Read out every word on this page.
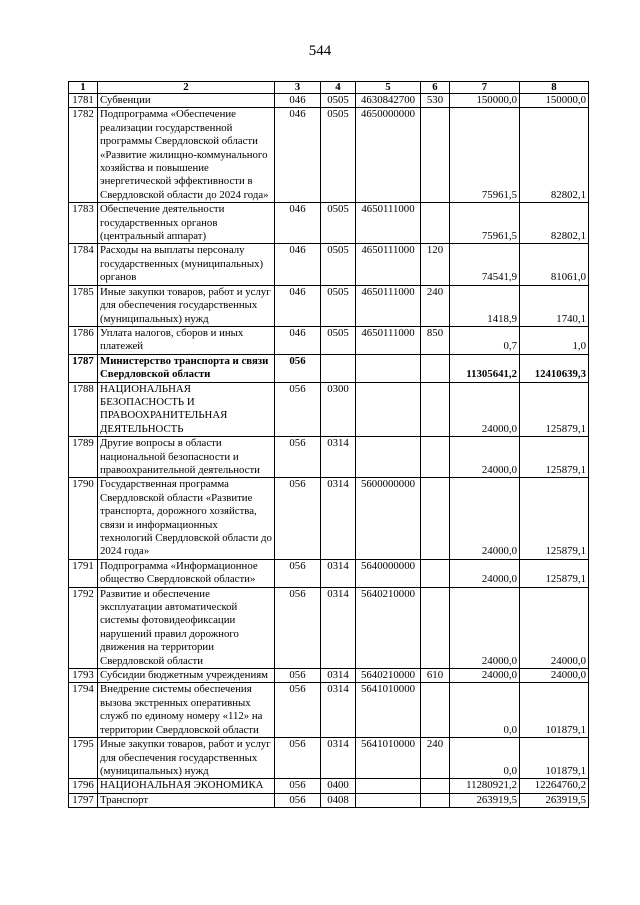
544
1	2	3	4	5	6	7	8
1781	Субвенции	046	0505	4630842700	530	150000,0	150000,0
1782	Подпрограмма «Обеспечение реализации государственной программы Свердловской области «Развитие жилищно-коммунального хозяйства и повышение энергетической эффективности в Свердловской области до 2024 года»	046	0505	4650000000		75961,5	82802,1
1783	Обеспечение деятельности государственных органов (центральный аппарат)	046	0505	4650111000		75961,5	82802,1
1784	Расходы на выплаты персоналу государственных (муниципальных) органов	046	0505	4650111000	120	74541,9	81061,0
1785	Иные закупки товаров, работ и услуг для обеспечения государственных (муниципальных) нужд	046	0505	4650111000	240	1418,9	1740,1
1786	Уплата налогов, сборов и иных платежей	046	0505	4650111000	850	0,7	1,0
1787	Министерство транспорта и связи Свердловской области	056				11305641,2	12410639,3
1788	НАЦИОНАЛЬНАЯ БЕЗОПАСНОСТЬ И ПРАВООХРАНИТЕЛЬНАЯ ДЕЯТЕЛЬНОСТЬ	056	0300			24000,0	125879,1
1789	Другие вопросы в области национальной безопасности и правоохранительной деятельности	056	0314			24000,0	125879,1
1790	Государственная программа Свердловской области «Развитие транспорта, дорожного хозяйства, связи и информационных технологий Свердловской области до 2024 года»	056	0314	5600000000		24000,0	125879,1
1791	Подпрограмма «Информационное общество Свердловской области»	056	0314	5640000000		24000,0	125879,1
1792	Развитие и обеспечение эксплуатации автоматической системы фотовидеофиксации нарушений правил дорожного движения на территории Свердловской области	056	0314	5640210000		24000,0	24000,0
1793	Субсидии бюджетным учреждениям	056	0314	5640210000	610	24000,0	24000,0
1794	Внедрение системы обеспечения вызова экстренных оперативных служб по единому номеру «112» на территории Свердловской области	056	0314	5641010000		0,0	101879,1
1795	Иные закупки товаров, работ и услуг для обеспечения государственных (муниципальных) нужд	056	0314	5641010000	240	0,0	101879,1
1796	НАЦИОНАЛЬНАЯ ЭКОНОМИКА	056	0400			11280921,2	12264760,2
1797	Транспорт	056	0408			263919,5	263919,5
